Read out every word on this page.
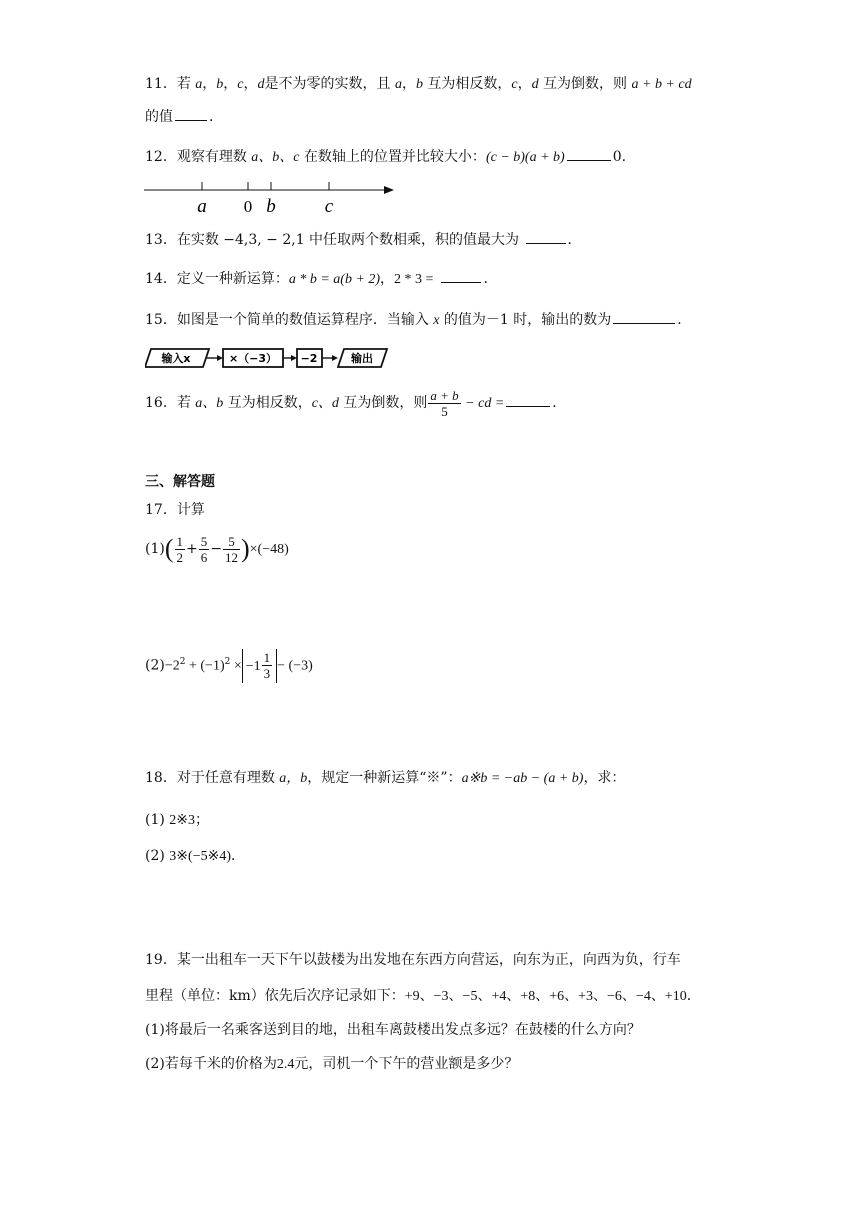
11．若 a，b，c，d是不为零的实数，且 a，b 互为相反数，c，d 互为倒数，则 a + b + cd
的值	．
12．观察有理数 a、b、c 在数轴上的位置并比较大小：(c − b)(a + b)	0.
a 0 b	c
13．在实数 −4,3, − 2,1 中任取两个数相乘，积的值最大为	．
14．定义一种新运算：a * b = a(b + 2)，2 * 3 =	．
15．如图是一个简单的数值运算程序．当输入 x 的值为－1 时，输出的数为	．
输入x	×（−3） −2	输出
16．若 a、b 互为相反数，c、d 互为倒数，则 $\frac{a + b}{5}$ − cd =	．
三、解答题
17．计算
$(1)( \frac{1}{2} + \frac{5}{6} - \frac{5}{12} )\times(-48)$
$(2)-2^2 + (-1)^2 \times -1 \frac{1}{3} - (-3)$
18．对于任意有理数 a，b，规定一种新运算“※”：a※b = −ab − (a + b)，求：
(1) 2※3；
(2) 3※(−5※4)．
19．某一出租车一天下午以鼓楼为出发地在东西方向营运，向东为正，向西为负，行车
里程（单位：km）依先后次序记录如下：+9、−3、−5、+4、+8、+6、+3、−6、−4、+10．
(1)将最后一名乘客送到目的地，出租车离鼓楼出发点多远？在鼓楼的什么方向？
(2)若每千米的价格为2.4元，司机一个下午的营业额是多少？
